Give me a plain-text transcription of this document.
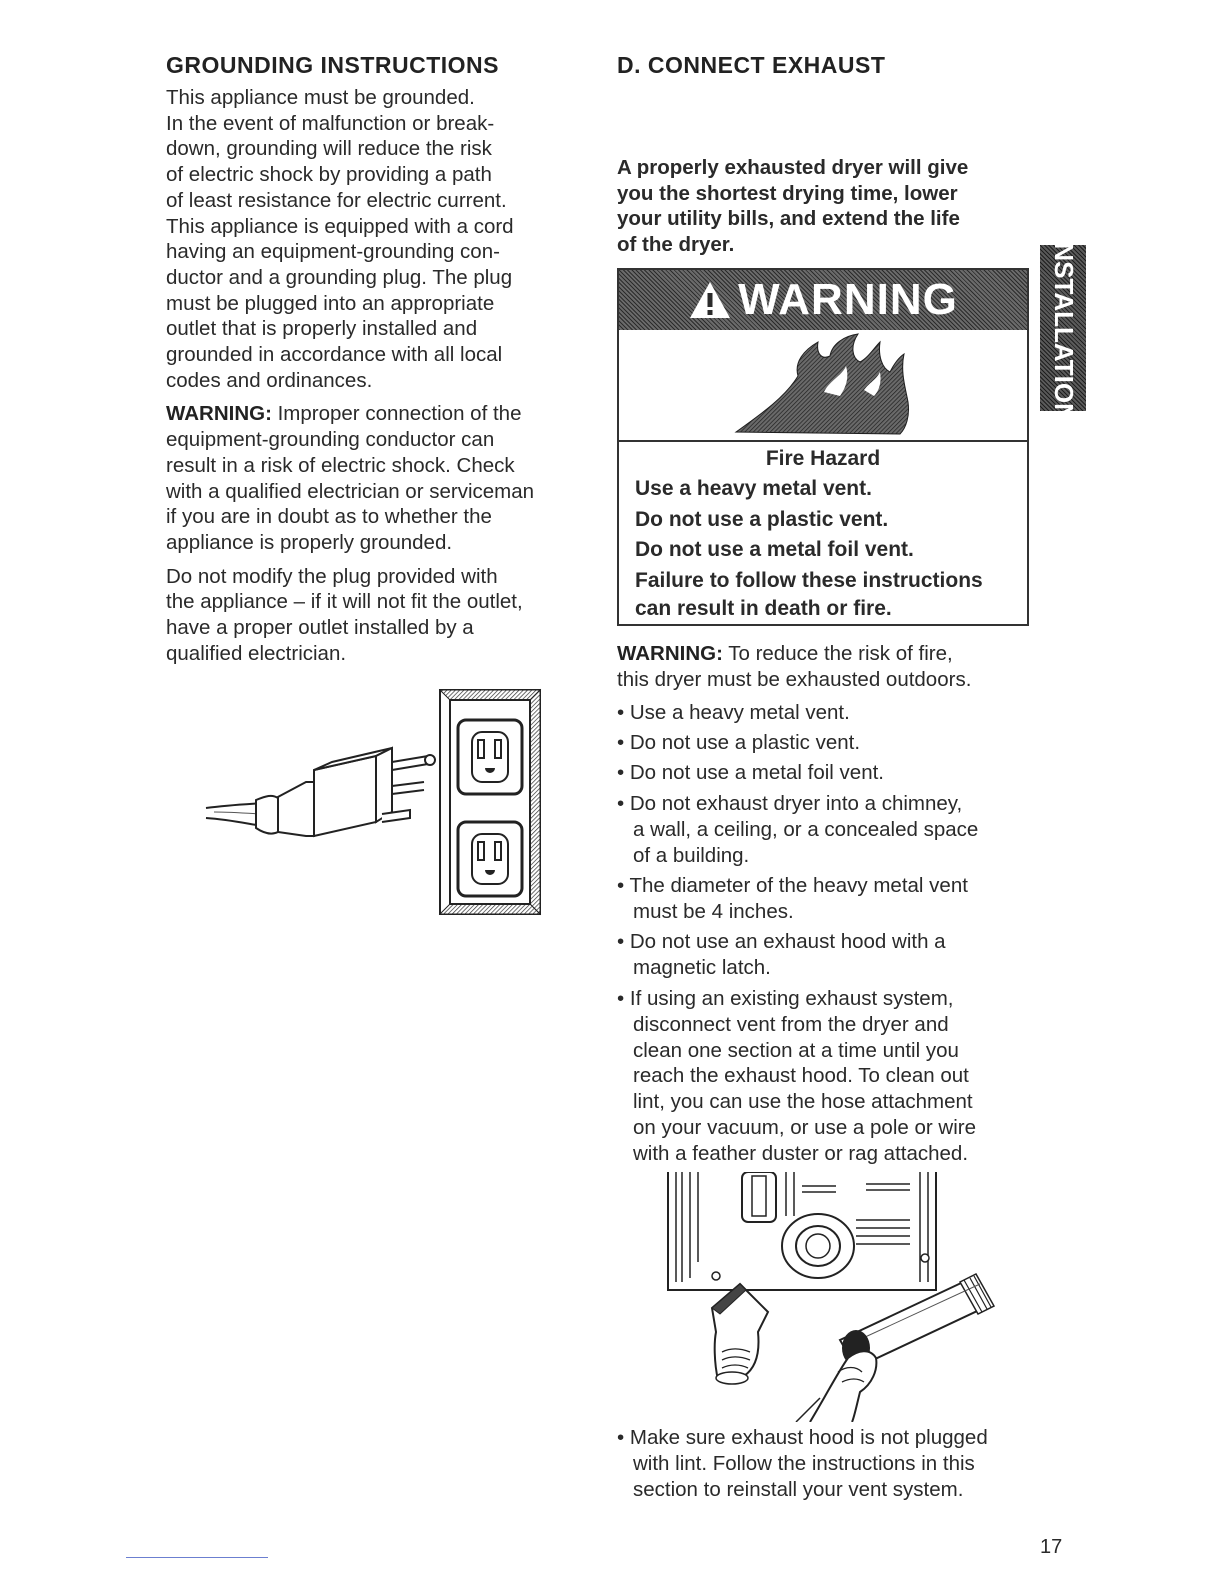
GROUNDING INSTRUCTIONS
This appliance must be grounded.
In the event of malfunction or break-
down, grounding will reduce the risk
of electric shock by providing a path
of least resistance for electric current.
This appliance is equipped with a cord
having an equipment-grounding con-
ductor and a grounding plug. The plug
must be plugged into an appropriate
outlet that is properly installed and
grounded in accordance with all local
codes and ordinances.
WARNING: Improper connection of the
equipment-grounding conductor can
result in a risk of electric shock. Check
with a qualified electrician or serviceman
if you are in doubt as to whether the
appliance is properly grounded.
Do not modify the plug provided with
the appliance – if it will not fit the outlet,
have a proper outlet installed by a
qualified electrician.
D. CONNECT EXHAUST
A properly exhausted dryer will give
you the shortest drying time, lower
your utility bills, and extend the life
of the dryer.
WARNING
Fire Hazard
Use a heavy metal vent.
Do not use a plastic vent.
Do not use a metal foil vent.
Failure to follow these instructions
can result in death or fire.
INSTALLATION
WARNING: To reduce the risk of fire,
this dryer must be exhausted outdoors.
• Use a heavy metal vent.
• Do not use a plastic vent.
• Do not use a metal foil vent.
• Do not exhaust dryer into a chimney,
a wall, a ceiling, or a concealed space
of a building.
• The diameter of the heavy metal vent
must be 4 inches.
• Do not use an exhaust hood with a
magnetic latch.
• If using an existing exhaust system,
disconnect vent from the dryer and
clean one section at a time until you
reach the exhaust hood. To clean out
lint, you can use the hose attachment
on your vacuum, or use a pole or wire
with a feather duster or rag attached.
• Make sure exhaust hood is not plugged
with lint. Follow the instructions in this
section to reinstall your vent system.
17
